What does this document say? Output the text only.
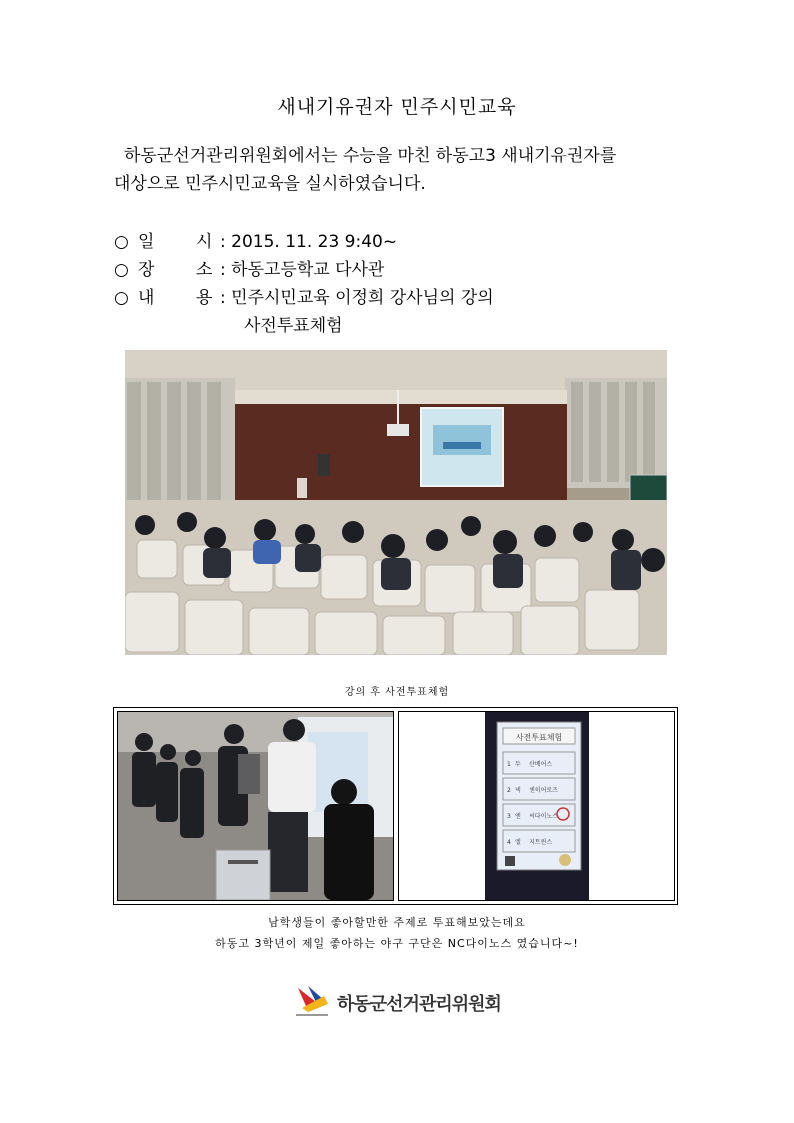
새내기유권자 민주시민교육
하동군선거관리위원회에서는 수능을 마친 하동고3 새내기유권자를
대상으로 민주시민교육을 실시하였습니다.
○ 일 시 : 2015. 11. 23 9:40~
○ 장 소 : 하동고등학교 다사관
○ 내 용 : 민주시민교육 이정희 강사님의 강의
사전투표체험
강의 후 사전투표체험
사전투표체험
1 두 산베어스
2 넥 센히어로즈
3 엔 씨다이노스
4 엘 지트윈스
남학생들이 좋아할만한 주제로 투표해보았는데요
하동고 3학년이 제일 좋아하는 야구 구단은 NC다이노스 였습니다~!
하동군선거관리위원회
